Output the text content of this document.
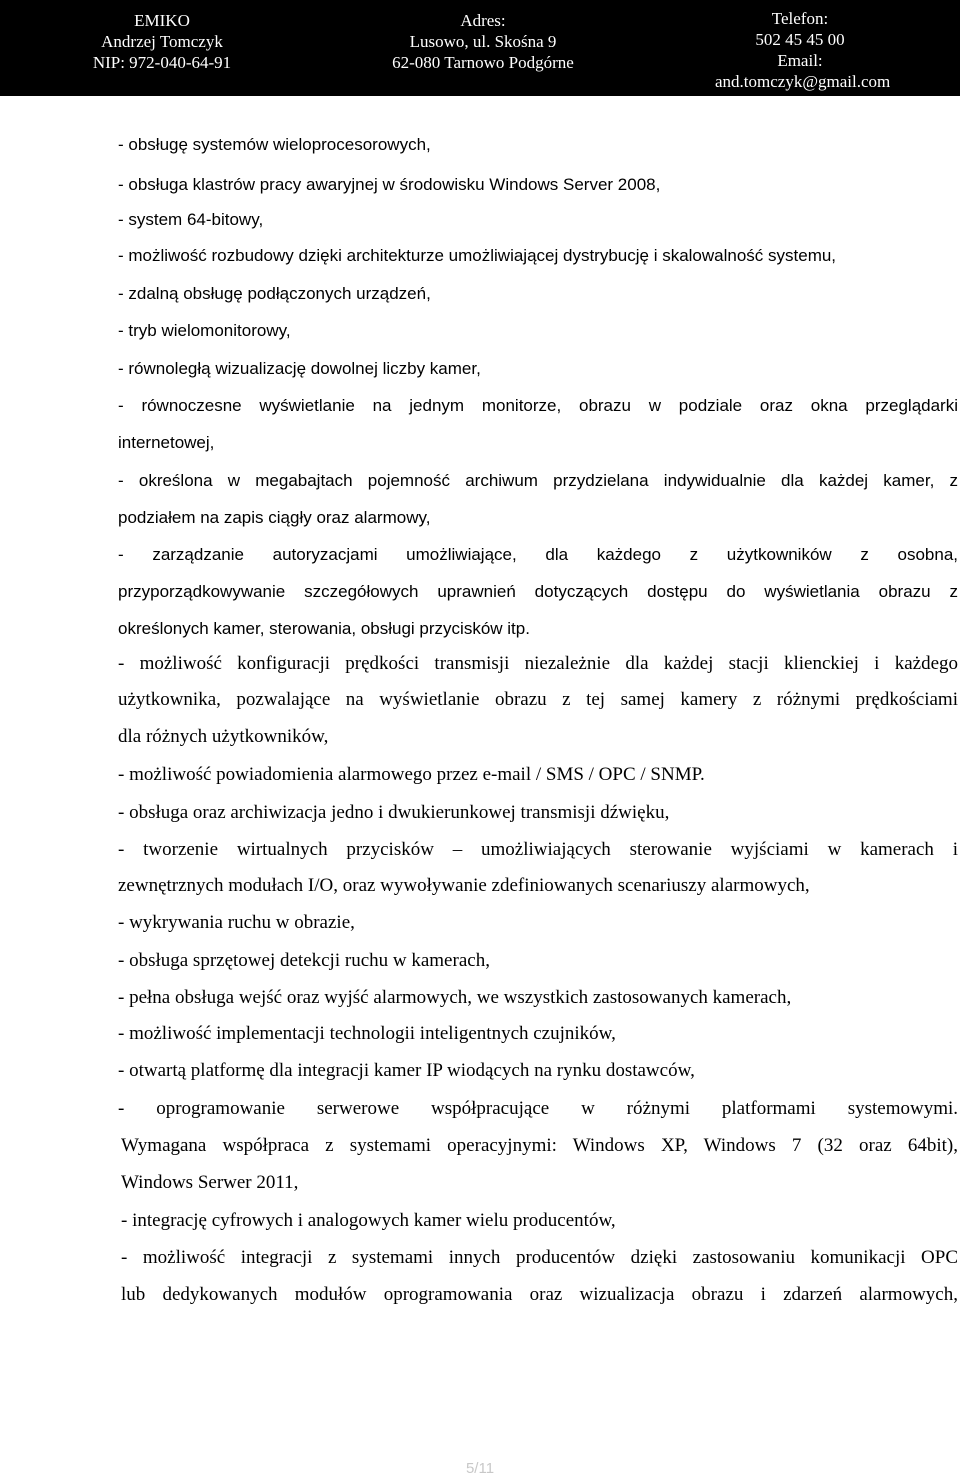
EMIKO
Andrzej Tomczyk
NIP: 972-040-64-91
Adres:
Lusowo, ul. Skośna 9
62-080 Tarnowo Podgórne
Telefon:
502 45 45 00
Email:
and.tomczyk@gmail.com
- obsługę systemów wieloprocesorowych,
- obsługa klastrów pracy awaryjnej w środowisku Windows Server 2008,
- system 64-bitowy,
- możliwość rozbudowy dzięki architekturze umożliwiającej dystrybucję i skalowalność systemu,
- zdalną obsługę podłączonych urządzeń,
- tryb wielomonitorowy,
- równoległą wizualizację dowolnej liczby kamer,
- równoczesne wyświetlanie na jednym monitorze, obrazu w podziale oraz okna przeglądarki
internetowej,
- określona w megabajtach pojemność archiwum przydzielana indywidualnie dla każdej kamer, z
podziałem na zapis ciągły oraz alarmowy,
- zarządzanie autoryzacjami umożliwiające, dla każdego z użytkowników z osobna,
przyporządkowywanie szczegółowych uprawnień dotyczących dostępu do wyświetlania obrazu z
określonych kamer, sterowania, obsługi przycisków itp.
- możliwość konfiguracji prędkości transmisji niezależnie dla każdej stacji klienckiej i każdego
użytkownika, pozwalające na wyświetlanie obrazu z tej samej kamery z różnymi prędkościami
dla różnych użytkowników,
- możliwość powiadomienia alarmowego przez e-mail / SMS / OPC / SNMP.
- obsługa oraz archiwizacja jedno i dwukierunkowej transmisji dźwięku,
- tworzenie wirtualnych przycisków – umożliwiających sterowanie wyjściami w kamerach i
zewnętrznych modułach I/O, oraz wywoływanie zdefiniowanych scenariuszy alarmowych,
- wykrywania ruchu w obrazie,
- obsługa sprzętowej detekcji ruchu w kamerach,
- pełna obsługa wejść oraz wyjść alarmowych, we wszystkich zastosowanych kamerach,
- możliwość implementacji technologii inteligentnych czujników,
- otwartą platformę dla integracji kamer IP wiodących na rynku dostawców,
- oprogramowanie serwerowe współpracujące w różnymi platformami systemowymi.
Wymagana współpraca z systemami operacyjnymi: Windows XP, Windows 7 (32 oraz 64bit),
Windows Serwer 2011,
- integrację cyfrowych i analogowych kamer wielu producentów,
- możliwość integracji z systemami innych producentów dzięki zastosowaniu komunikacji OPC
lub dedykowanych modułów oprogramowania oraz wizualizacja obrazu i zdarzeń alarmowych,
5/11
